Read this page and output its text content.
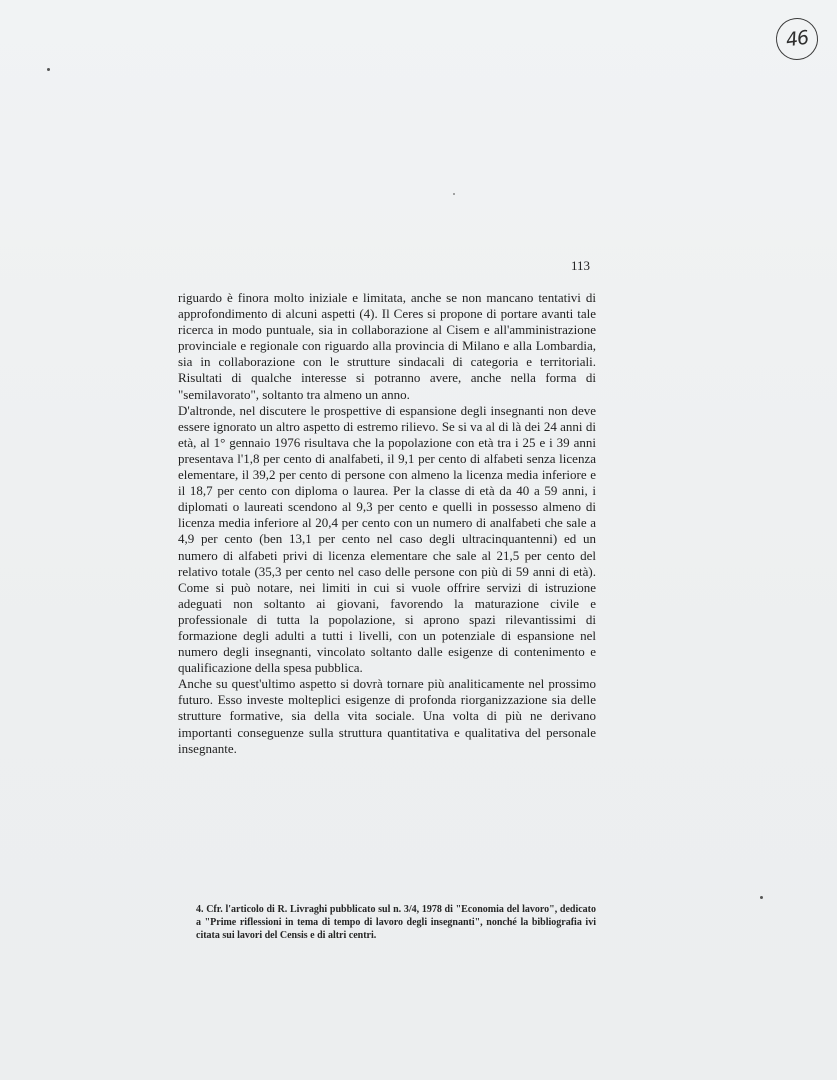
46
113

riguardo è finora molto iniziale e limitata, anche se non mancano tentativi di approfondimento di alcuni aspetti (4). Il Ceres si propone di portare avanti tale ricerca in modo puntuale, sia in collaborazione al Cisem e all'amministrazione provinciale e regionale con riguardo alla provincia di Milano e alla Lombardia, sia in collaborazione con le strutture sindacali di categoria e territoriali. Risultati di qualche interesse si potranno avere, anche nella forma di "semilavorato", soltanto tra almeno un anno.

D'altronde, nel discutere le prospettive di espansione degli insegnanti non deve essere ignorato un altro aspetto di estremo rilievo. Se si va al di là dei 24 anni di età, al 1° gennaio 1976 risultava che la popolazione con età tra i 25 e i 39 anni presentava l'1,8 per cento di analfabeti, il 9,1 per cento di alfabeti senza licenza elementare, il 39,2 per cento di persone con almeno la licenza media inferiore e il 18,7 per cento con diploma o laurea. Per la classe di età da 40 a 59 anni, i diplomati o laureati scendono al 9,3 per cento e quelli in possesso almeno di licenza media inferiore al 20,4 per cento con un numero di analfabeti che sale a 4,9 per cento (ben 13,1 per cento nel caso degli ultracinquantenni) ed un numero di alfabeti privi di licenza elementare che sale al 21,5 per cento del relativo totale (35,3 per cento nel caso delle persone con più di 59 anni di età). Come si può notare, nei limiti in cui si vuole offrire servizi di istruzione adeguati non soltanto ai giovani, favorendo la maturazione civile e professionale di tutta la popolazione, si aprono spazi rilevantissimi di formazione degli adulti a tutti i livelli, con un potenziale di espansione nel numero degli insegnanti, vincolato soltanto dalle esigenze di contenimento e qualificazione della spesa pubblica.

Anche su quest'ultimo aspetto si dovrà tornare più analiticamente nel prossimo futuro. Esso investe molteplici esigenze di profonda riorganizzazione sia delle strutture formative, sia della vita sociale. Una volta di più ne derivano importanti conseguenze sulla struttura quantitativa e qualitativa del personale insegnante.

4. Cfr. l'articolo di R. Livraghi pubblicato sul n. 3/4, 1978 di "Economia del lavoro", dedicato a "Prime riflessioni in tema di tempo di lavoro degli insegnanti", nonché la bibliografia ivi citata sui lavori del Censis e di altri centri.
